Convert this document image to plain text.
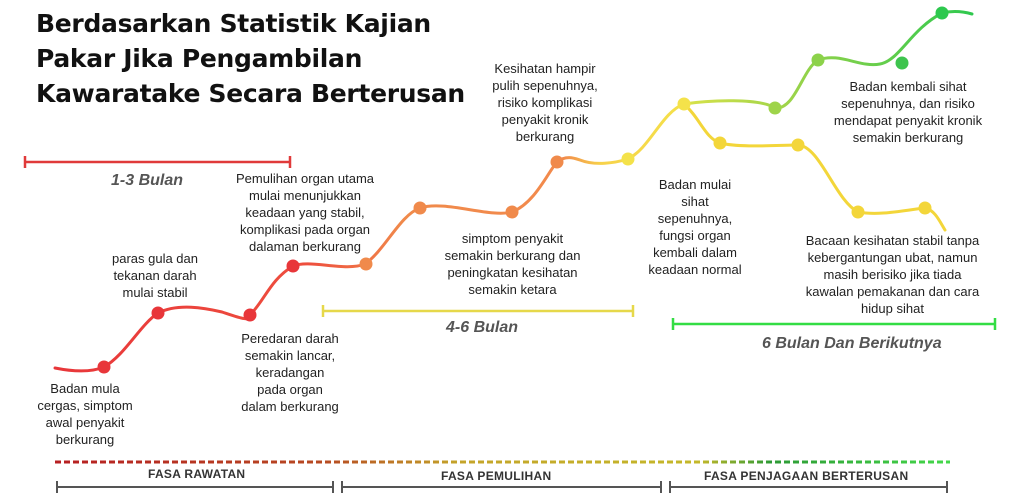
Berdasarkan Statistik Kajian
Pakar Jika Pengambilan
Kawaratake Secara Berterusan
1-3 Bulan
4-6 Bulan
6 Bulan Dan Berikutnya
Badan mula
cergas, simptom
awal penyakit
berkurang
paras gula dan
tekanan darah
mulai stabil
Peredaran darah
semakin lancar,
keradangan
pada organ
dalam berkurang
Pemulihan organ utama
mulai menunjukkan
keadaan yang stabil,
komplikasi pada organ
dalaman berkurang
simptom penyakit
semakin berkurang dan
peningkatan kesihatan
semakin ketara
Kesihatan hampir
pulih sepenuhnya,
risiko komplikasi
penyakit kronik
berkurang
Badan mulai
sihat
sepenuhnya,
fungsi organ
kembali dalam
keadaan normal
Badan kembali sihat
sepenuhnya, dan risiko
mendapat penyakit kronik
semakin berkurang
Bacaan kesihatan stabil tanpa
kebergantungan ubat, namun
masih berisiko jika tiada
kawalan pemakanan dan cara
hidup sihat
FASA RAWATAN	FASA PEMULIHAN	FASA PENJAGAAN BERTERUSAN
